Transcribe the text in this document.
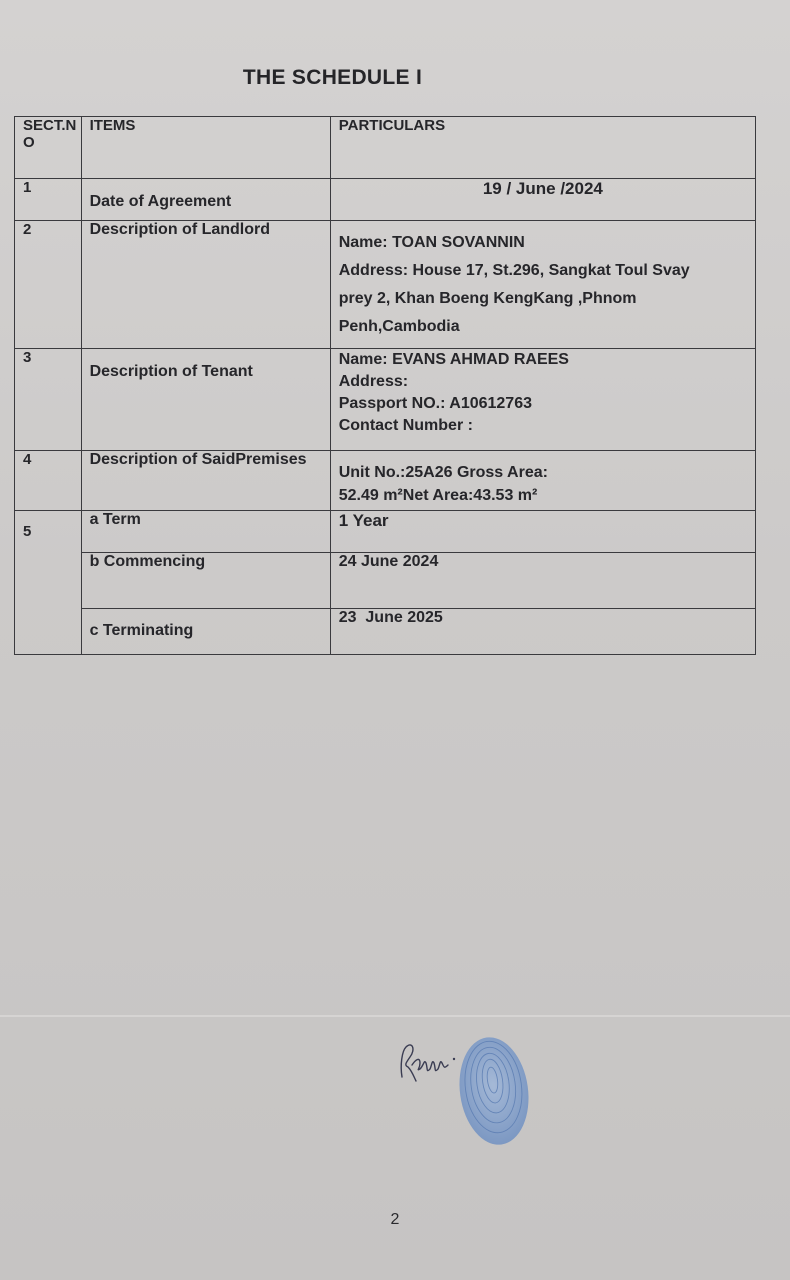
THE SCHEDULE I
SECT.N
O	ITEMS	PARTICULARS
1	Date of Agreement	19 / June /2024
2	Description of Landlord	Name: TOAN SOVANNIN
Address: House 17, St.296, Sangkat Toul Svay
prey 2, Khan Boeng KengKang ,Phnom
Penh,Cambodia

3	Description of Tenant	Name: EVANS AHMAD RAEES
Address:
Passport NO.: A10612763
Contact Number :

4	Description of SaidPremises	Unit No.:25A26 Gross Area:
52.49 m²Net Area:43.53 m²

5	a Term	1 Year
	b Commencing	24 June 2024
	c Terminating	23  June 2025
2
